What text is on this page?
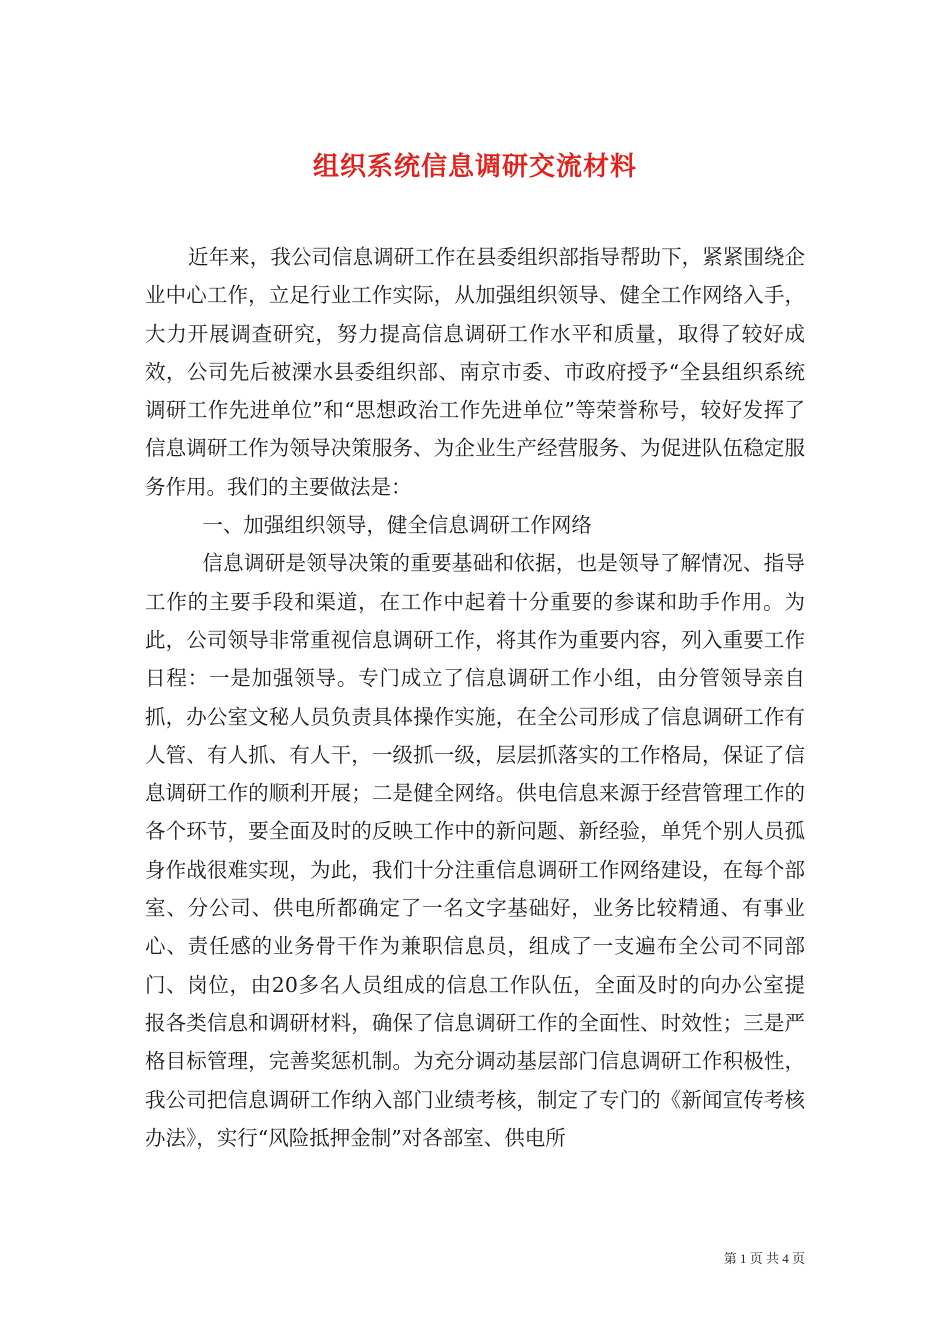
组织系统信息调研交流材料

近年来，我公司信息调研工作在县委组织部指导帮助下，紧紧围绕企业中心工作，立足行业工作实际，从加强组织领导、健全工作网络入手，大力开展调查研究，努力提高信息调研工作水平和质量，取得了较好成效，公司先后被溧水县委组织部、南京市委、市政府授予“全县组织系统调研工作先进单位”和“思想政治工作先进单位”等荣誉称号，较好发挥了信息调研工作为领导决策服务、为企业生产经营服务、为促进队伍稳定服务作用。我们的主要做法是：

一、加强组织领导，健全信息调研工作网络

信息调研是领导决策的重要基础和依据，也是领导了解情况、指导工作的主要手段和渠道，在工作中起着十分重要的参谋和助手作用。为此，公司领导非常重视信息调研工作，将其作为重要内容，列入重要工作日程：一是加强领导。专门成立了信息调研工作小组，由分管领导亲自抓，办公室文秘人员负责具体操作实施，在全公司形成了信息调研工作有人管、有人抓、有人干，一级抓一级，层层抓落实的工作格局，保证了信息调研工作的顺利开展；二是健全网络。供电信息来源于经营管理工作的各个环节，要全面及时的反映工作中的新问题、新经验，单凭个别人员孤身作战很难实现，为此，我们十分注重信息调研工作网络建设，在每个部室、分公司、供电所都确定了一名文字基础好，业务比较精通、有事业心、责任感的业务骨干作为兼职信息员，组成了一支遍布全公司不同部门、岗位，由20多名人员组成的信息工作队伍，全面及时的向办公室提报各类信息和调研材料，确保了信息调研工作的全面性、时效性；三是严格目标管理，完善奖惩机制。为充分调动基层部门信息调研工作积极性，我公司把信息调研工作纳入部门业绩考核，制定了专门的《新闻宣传考核办法》，实行“风险抵押金制”对各部室、供电所

第 1 页 共 4 页
